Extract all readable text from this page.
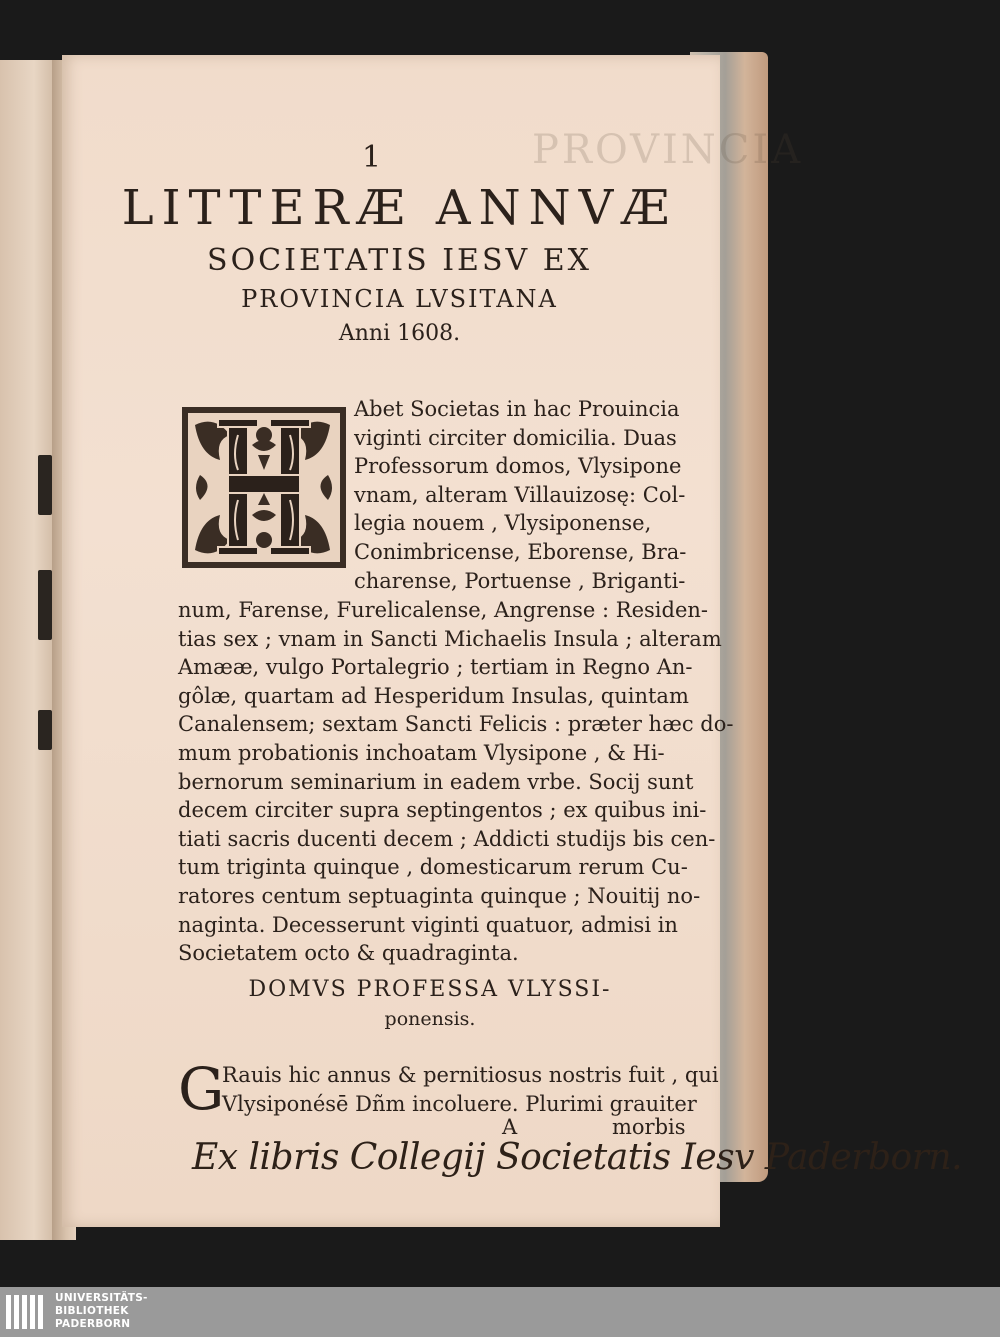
PROVINCIA
1
LITTERÆ ANNVÆ
SOCIETATIS IESV EX
PROVINCIA LVSITANA
Anni 1608.
H	Abet Societas in hac Prouincia
viginti circiter domicilia. Duas
Professorum domos, Vlysipone
vnam, alteram Villauizosę: Col-
legia nouem , Vlysiponense,
Conimbricense, Eborense, Bra-
charense, Portuense , Briganti-
num, Farense, Furelicalense, Angrense : Residen-
tias sex ; vnam in Sancti Michaelis Insula ; alteram
Amææ, vulgo Portalegrio ; tertiam in Regno An-
gôlæ, quartam ad Hesperidum Insulas, quintam
Canalensem; sextam Sancti Felicis : præter hæc do-
mum probationis inchoatam Vlysipone , & Hi-
bernorum seminarium in eadem vrbe. Socij sunt
decem circiter supra septingentos ; ex quibus ini-
tiati sacris ducenti decem ; Addicti studijs bis cen-
tum triginta quinque , domesticarum rerum Cu-
ratores centum septuaginta quinque ; Nouitij no-
naginta. Decesserunt viginti quatuor, admisi in
Societatem octo & quadraginta.
DOMVS PROFESSA VLYSSI-
ponensis.
G
Rauis hic annus & pernitiosus nostris fuit , qui
Vlysiponésē Dñm incoluere. Plurimi grauiter
A	morbis
Ex libris Collegij Societatis Iesv Paderborn.
UNIVERSITÄTS-
BIBLIOTHEK
PADERBORN
